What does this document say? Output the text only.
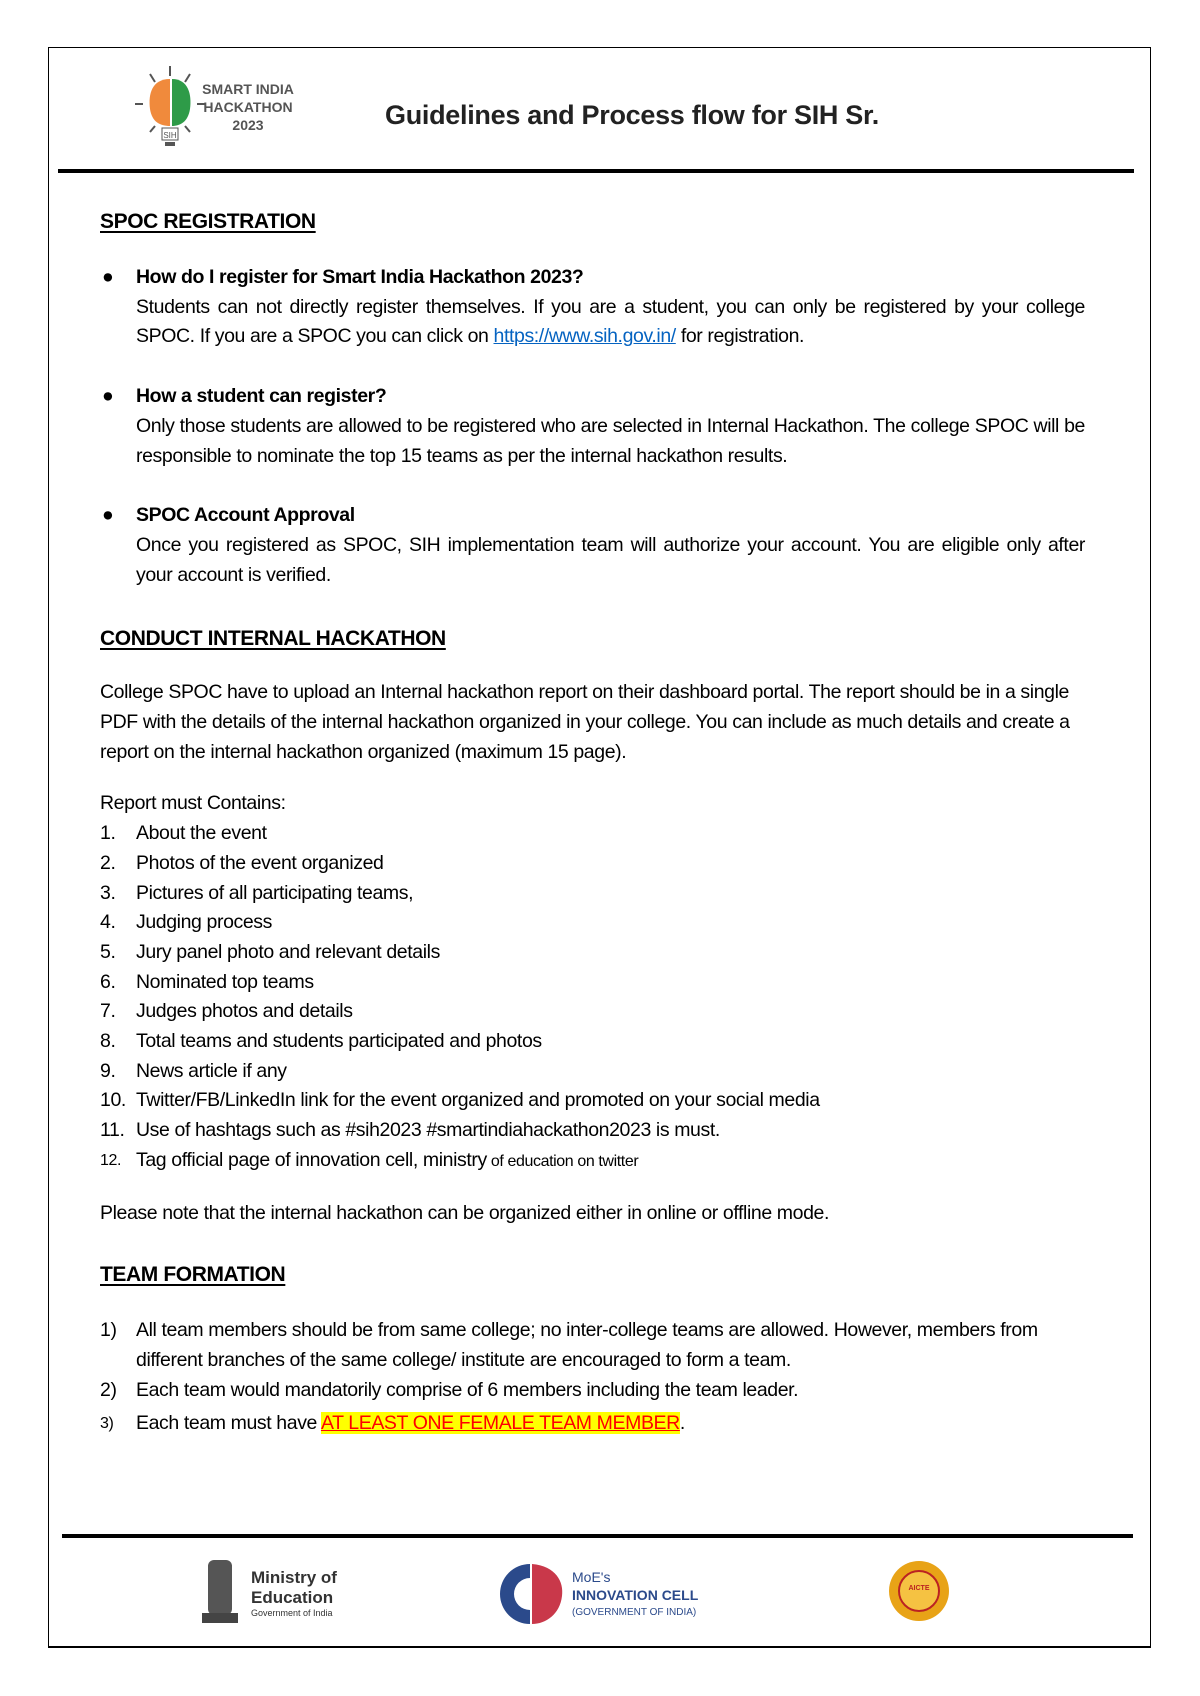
SIH
SMART INDIA
HACKATHON
2023	Guidelines and Process flow for SIH Sr.
SPOC REGISTRATION
● How do I register for Smart India Hackathon 2023?
Students can not directly register themselves. If you are a student, you can only be registered by your college SPOC. If you are a SPOC you can click on https://www.sih.gov.in/ for registration.
● How a student can register?
Only those students are allowed to be registered who are selected in Internal Hackathon. The college SPOC will be responsible to nominate the top 15 teams as per the internal hackathon results.
● SPOC Account Approval
Once you registered as SPOC, SIH implementation team will authorize your account. You are eligible only after your account is verified.
CONDUCT INTERNAL HACKATHON

College SPOC have to upload an Internal hackathon report on their dashboard portal. The report should be in a single PDF with the details of the internal hackathon organized in your college. You can include as much details and create a report on the internal hackathon organized (maximum 15 page).

Report must Contains:

1. About the event
2. Photos of the event organized
3. Pictures of all participating teams,
4. Judging process
5. Jury panel photo and relevant details
6. Nominated top teams
7. Judges photos and details
8. Total teams and students participated and photos
9. News article if any
10. Twitter/FB/LinkedIn link for the event organized and promoted on your social media
11. Use of hashtags such as #sih2023 #smartindiahackathon2023 is must.
12. Tag official page of innovation cell, ministry of education on twitter

Please note that the internal hackathon can be organized either in online or offline mode.

TEAM FORMATION
1) All team members should be from same college; no inter-college teams are allowed. However, members from different branches of the same college/ institute are encouraged to form a team.
2) Each team would mandatorily comprise of 6 members including the team leader.
3) Each team must have AT LEAST ONE FEMALE TEAM MEMBER.
Ministry of
Education
Government of India
MoE's
INNOVATION CELL
(GOVERNMENT OF INDIA)
AICTE
